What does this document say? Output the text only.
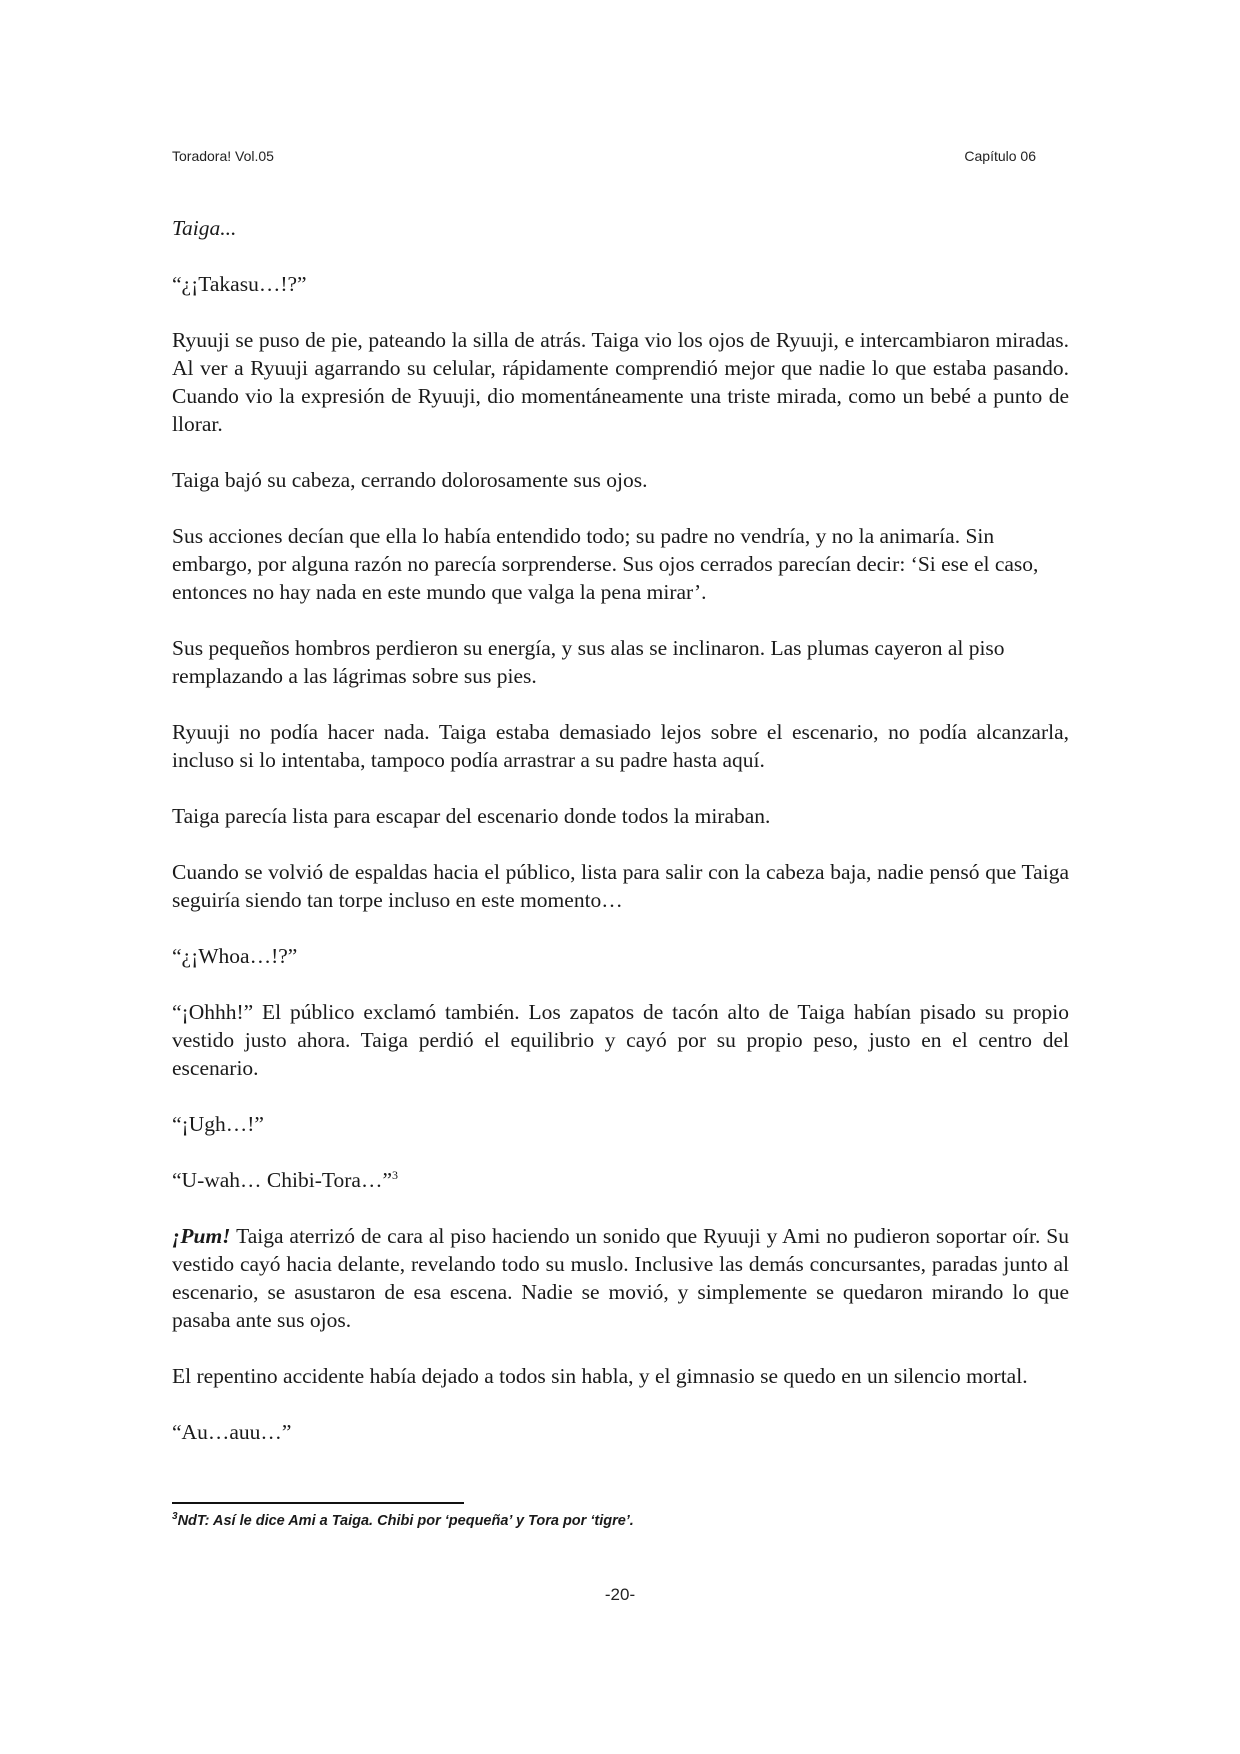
Toradora! Vol.05	Capítulo 06

Taiga...

“¿¡Takasu…!?”

Ryuuji se puso de pie, pateando la silla de atrás. Taiga vio los ojos de Ryuuji, e intercambiaron miradas. Al ver a Ryuuji agarrando su celular, rápidamente comprendió mejor que nadie lo que estaba pasando. Cuando vio la expresión de Ryuuji, dio momentáneamente una triste mirada, como un bebé a punto de llorar.

Taiga bajó su cabeza, cerrando dolorosamente sus ojos.

Sus acciones decían que ella lo había entendido todo; su padre no vendría, y no la animaría. Sin embargo, por alguna razón no parecía sorprenderse. Sus ojos cerrados parecían decir: ‘Si ese el caso, entonces no hay nada en este mundo que valga la pena mirar’.

Sus pequeños hombros perdieron su energía, y sus alas se inclinaron. Las plumas cayeron al piso remplazando a las lágrimas sobre sus pies.

Ryuuji no podía hacer nada. Taiga estaba demasiado lejos sobre el escenario, no podía alcanzarla, incluso si lo intentaba, tampoco podía arrastrar a su padre hasta aquí.

Taiga parecía lista para escapar del escenario donde todos la miraban.

Cuando se volvió de espaldas hacia el público, lista para salir con la cabeza baja, nadie pensó que Taiga seguiría siendo tan torpe incluso en este momento…

“¿¡Whoa…!?”

“¡Ohhh!” El público exclamó también. Los zapatos de tacón alto de Taiga habían pisado su propio vestido justo ahora. Taiga perdió el equilibrio y cayó por su propio peso, justo en el centro del escenario.

“¡Ugh…!”

“U-wah… Chibi-Tora…”$^3$

¡Pum! Taiga aterrizó de cara al piso haciendo un sonido que Ryuuji y Ami no pudieron soportar oír. Su vestido cayó hacia delante, revelando todo su muslo. Inclusive las demás concursantes, paradas junto al escenario, se asustaron de esa escena. Nadie se movió, y simplemente se quedaron mirando lo que pasaba ante sus ojos.

El repentino accidente había dejado a todos sin habla, y el gimnasio se quedo en un silencio mortal.

“Au…auu…”

$^3$NdT: Así le dice Ami a Taiga. Chibi por ‘pequeña’ y Tora por ‘tigre’.
-20-
